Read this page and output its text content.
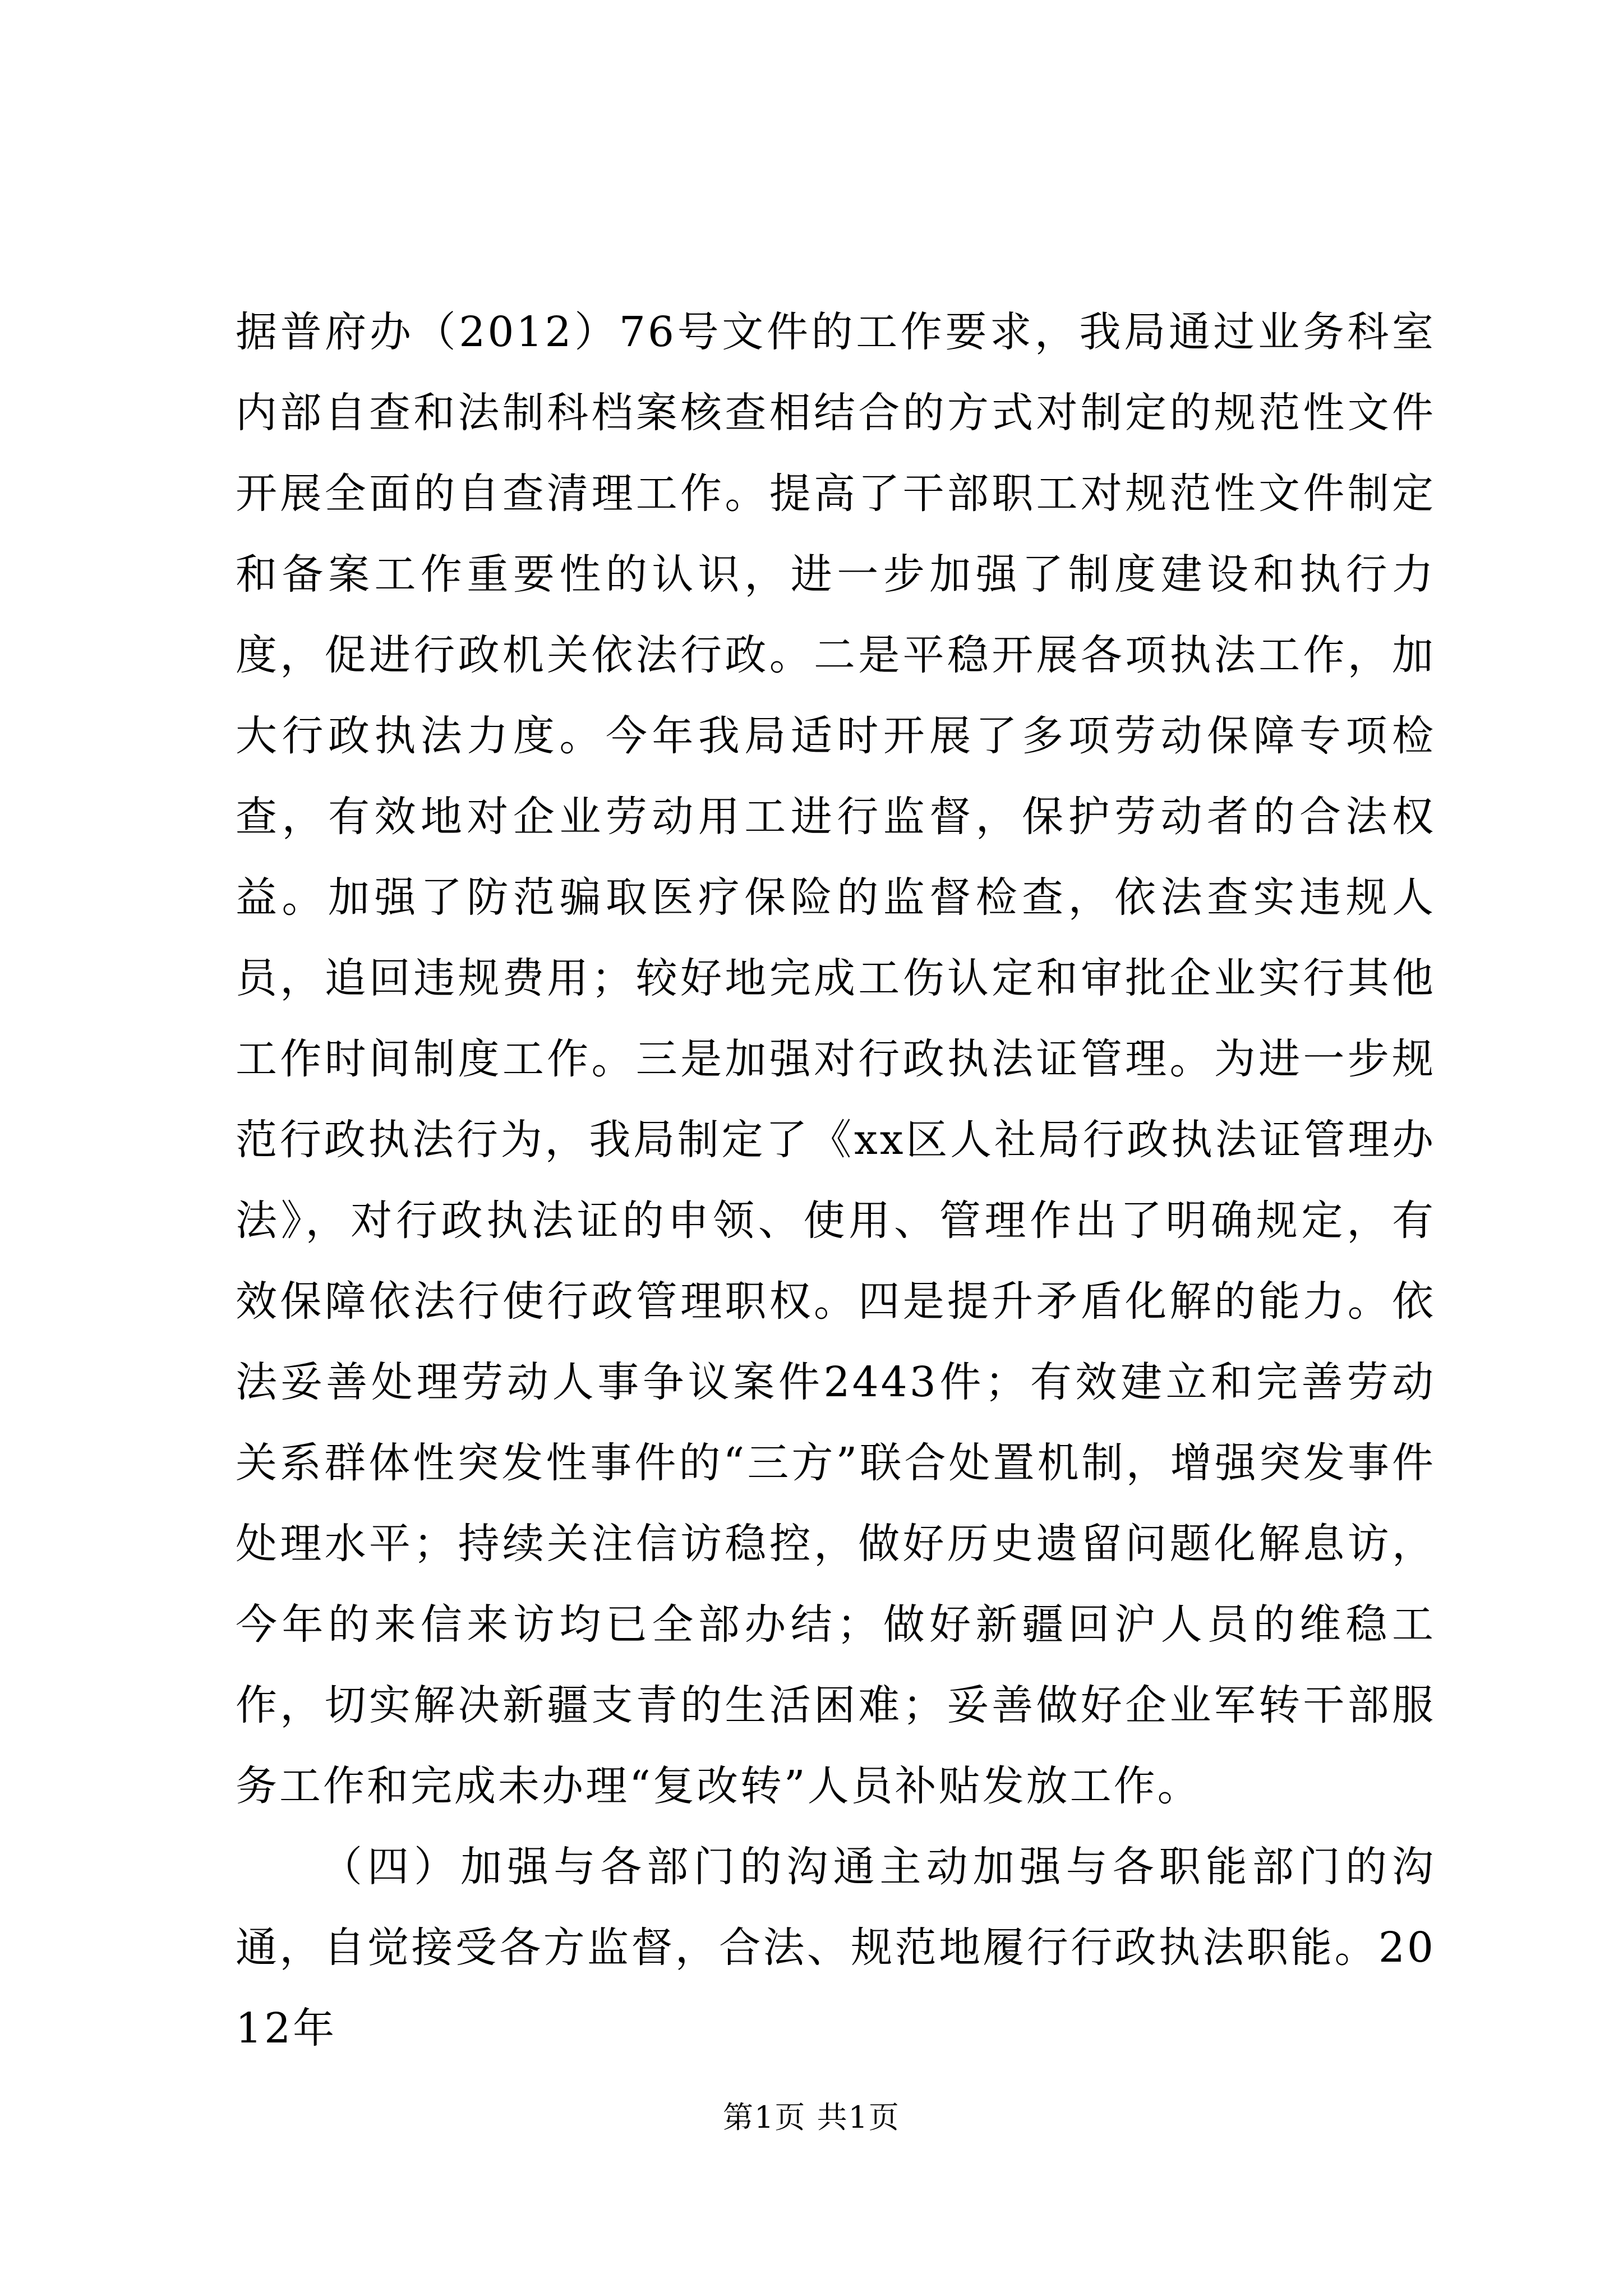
据普府办（2012）76号文件的工作要求，我局通过业务科室内部自查和法制科档案核查相结合的方式对制定的规范性文件开展全面的自查清理工作。提高了干部职工对规范性文件制定和备案工作重要性的认识，进一步加强了制度建设和执行力度，促进行政机关依法行政。二是平稳开展各项执法工作，加大行政执法力度。今年我局适时开展了多项劳动保障专项检查，有效地对企业劳动用工进行监督，保护劳动者的合法权益。加强了防范骗取医疗保险的监督检查，依法查实违规人员，追回违规费用；较好地完成工伤认定和审批企业实行其他工作时间制度工作。三是加强对行政执法证管理。为进一步规范行政执法行为，我局制定了《xx区人社局行政执法证管理办法》，对行政执法证的申领、使用、管理作出了明确规定，有效保障依法行使行政管理职权。四是提升矛盾化解的能力。依法妥善处理劳动人事争议案件2443件；有效建立和完善劳动关系群体性突发性事件的“三方”联合处置机制，增强突发事件处理水平；持续关注信访稳控，做好历史遗留问题化解息访，今年的来信来访均已全部办结；做好新疆回沪人员的维稳工作，切实解决新疆支青的生活困难；妥善做好企业军转干部服务工作和完成未办理“复改转”人员补贴发放工作。

（四）加强与各部门的沟通主动加强与各职能部门的沟通，自觉接受各方监督，合法、规范地履行行政执法职能。2012年

第1页 共1页
